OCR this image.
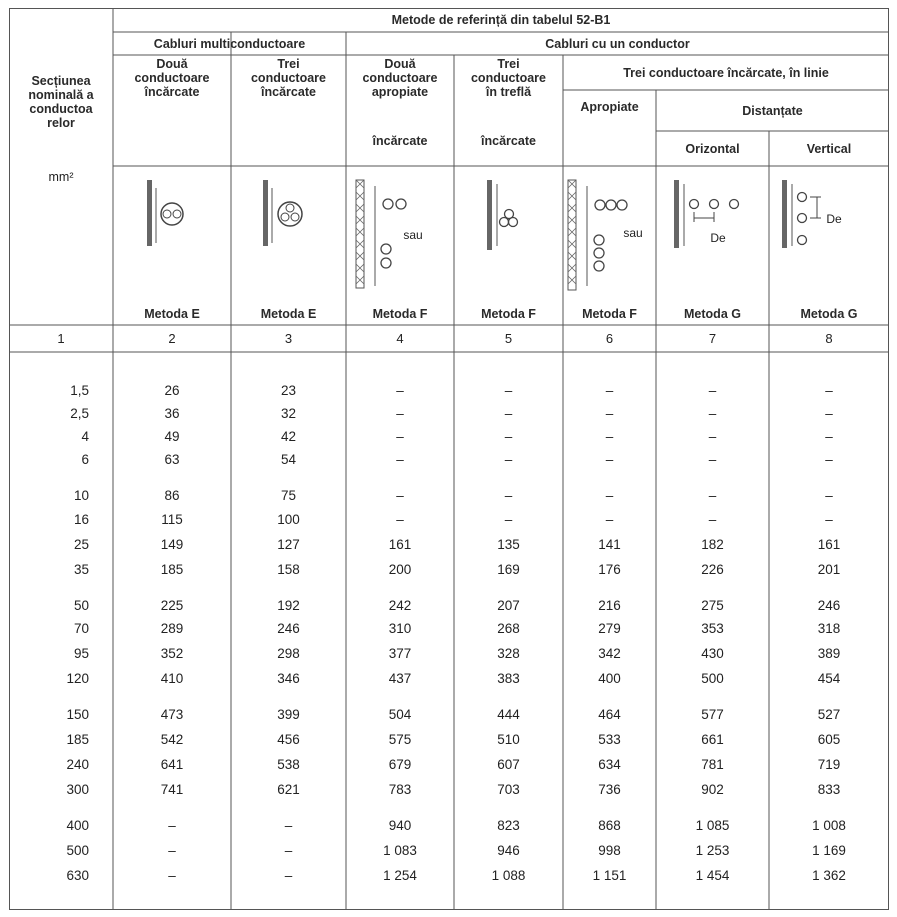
Metode de referință din tabelul 52-B1
Cabluri multiconductoare	Cabluri cu un conductor
Secțiunea nominală a conductoa relor
mm²
Două conductoare încărcate
Trei conductoare încărcate
Două conductoare apropiate
încărcate
Trei conductoare în treflă
încărcate
Trei conductoare încărcate, în linie
Apropiate	Distanțate
Orizontal	Vertical
sau	sau	De
De
Metoda E	Metoda E	Metoda F	Metoda F	Metoda F	Metoda G	Metoda G
1	2	3	4	5	6	7	8
1,5	26	23	–	–	–	–	–
2,5	36	32	–	–	–	–	–
4	49	42	–	–	–	–	–
6	63	54	–	–	–	–	–
10	86	75	–	–	–	–	–
16	115	100	–	–	–	–	–
25	149	127	161	135	141	182	161
35	185	158	200	169	176	226	201
50	225	192	242	207	216	275	246
70	289	246	310	268	279	353	318
95	352	298	377	328	342	430	389
120	410	346	437	383	400	500	454
150	473	399	504	444	464	577	527
185	542	456	575	510	533	661	605
240	641	538	679	607	634	781	719
300	741	621	783	703	736	902	833
400	–	–	940	823	868	1 085	1 008
500	–	–	1 083	946	998	1 253	1 169
630	–	–	1 254	1 088	1 151	1 454	1 362
